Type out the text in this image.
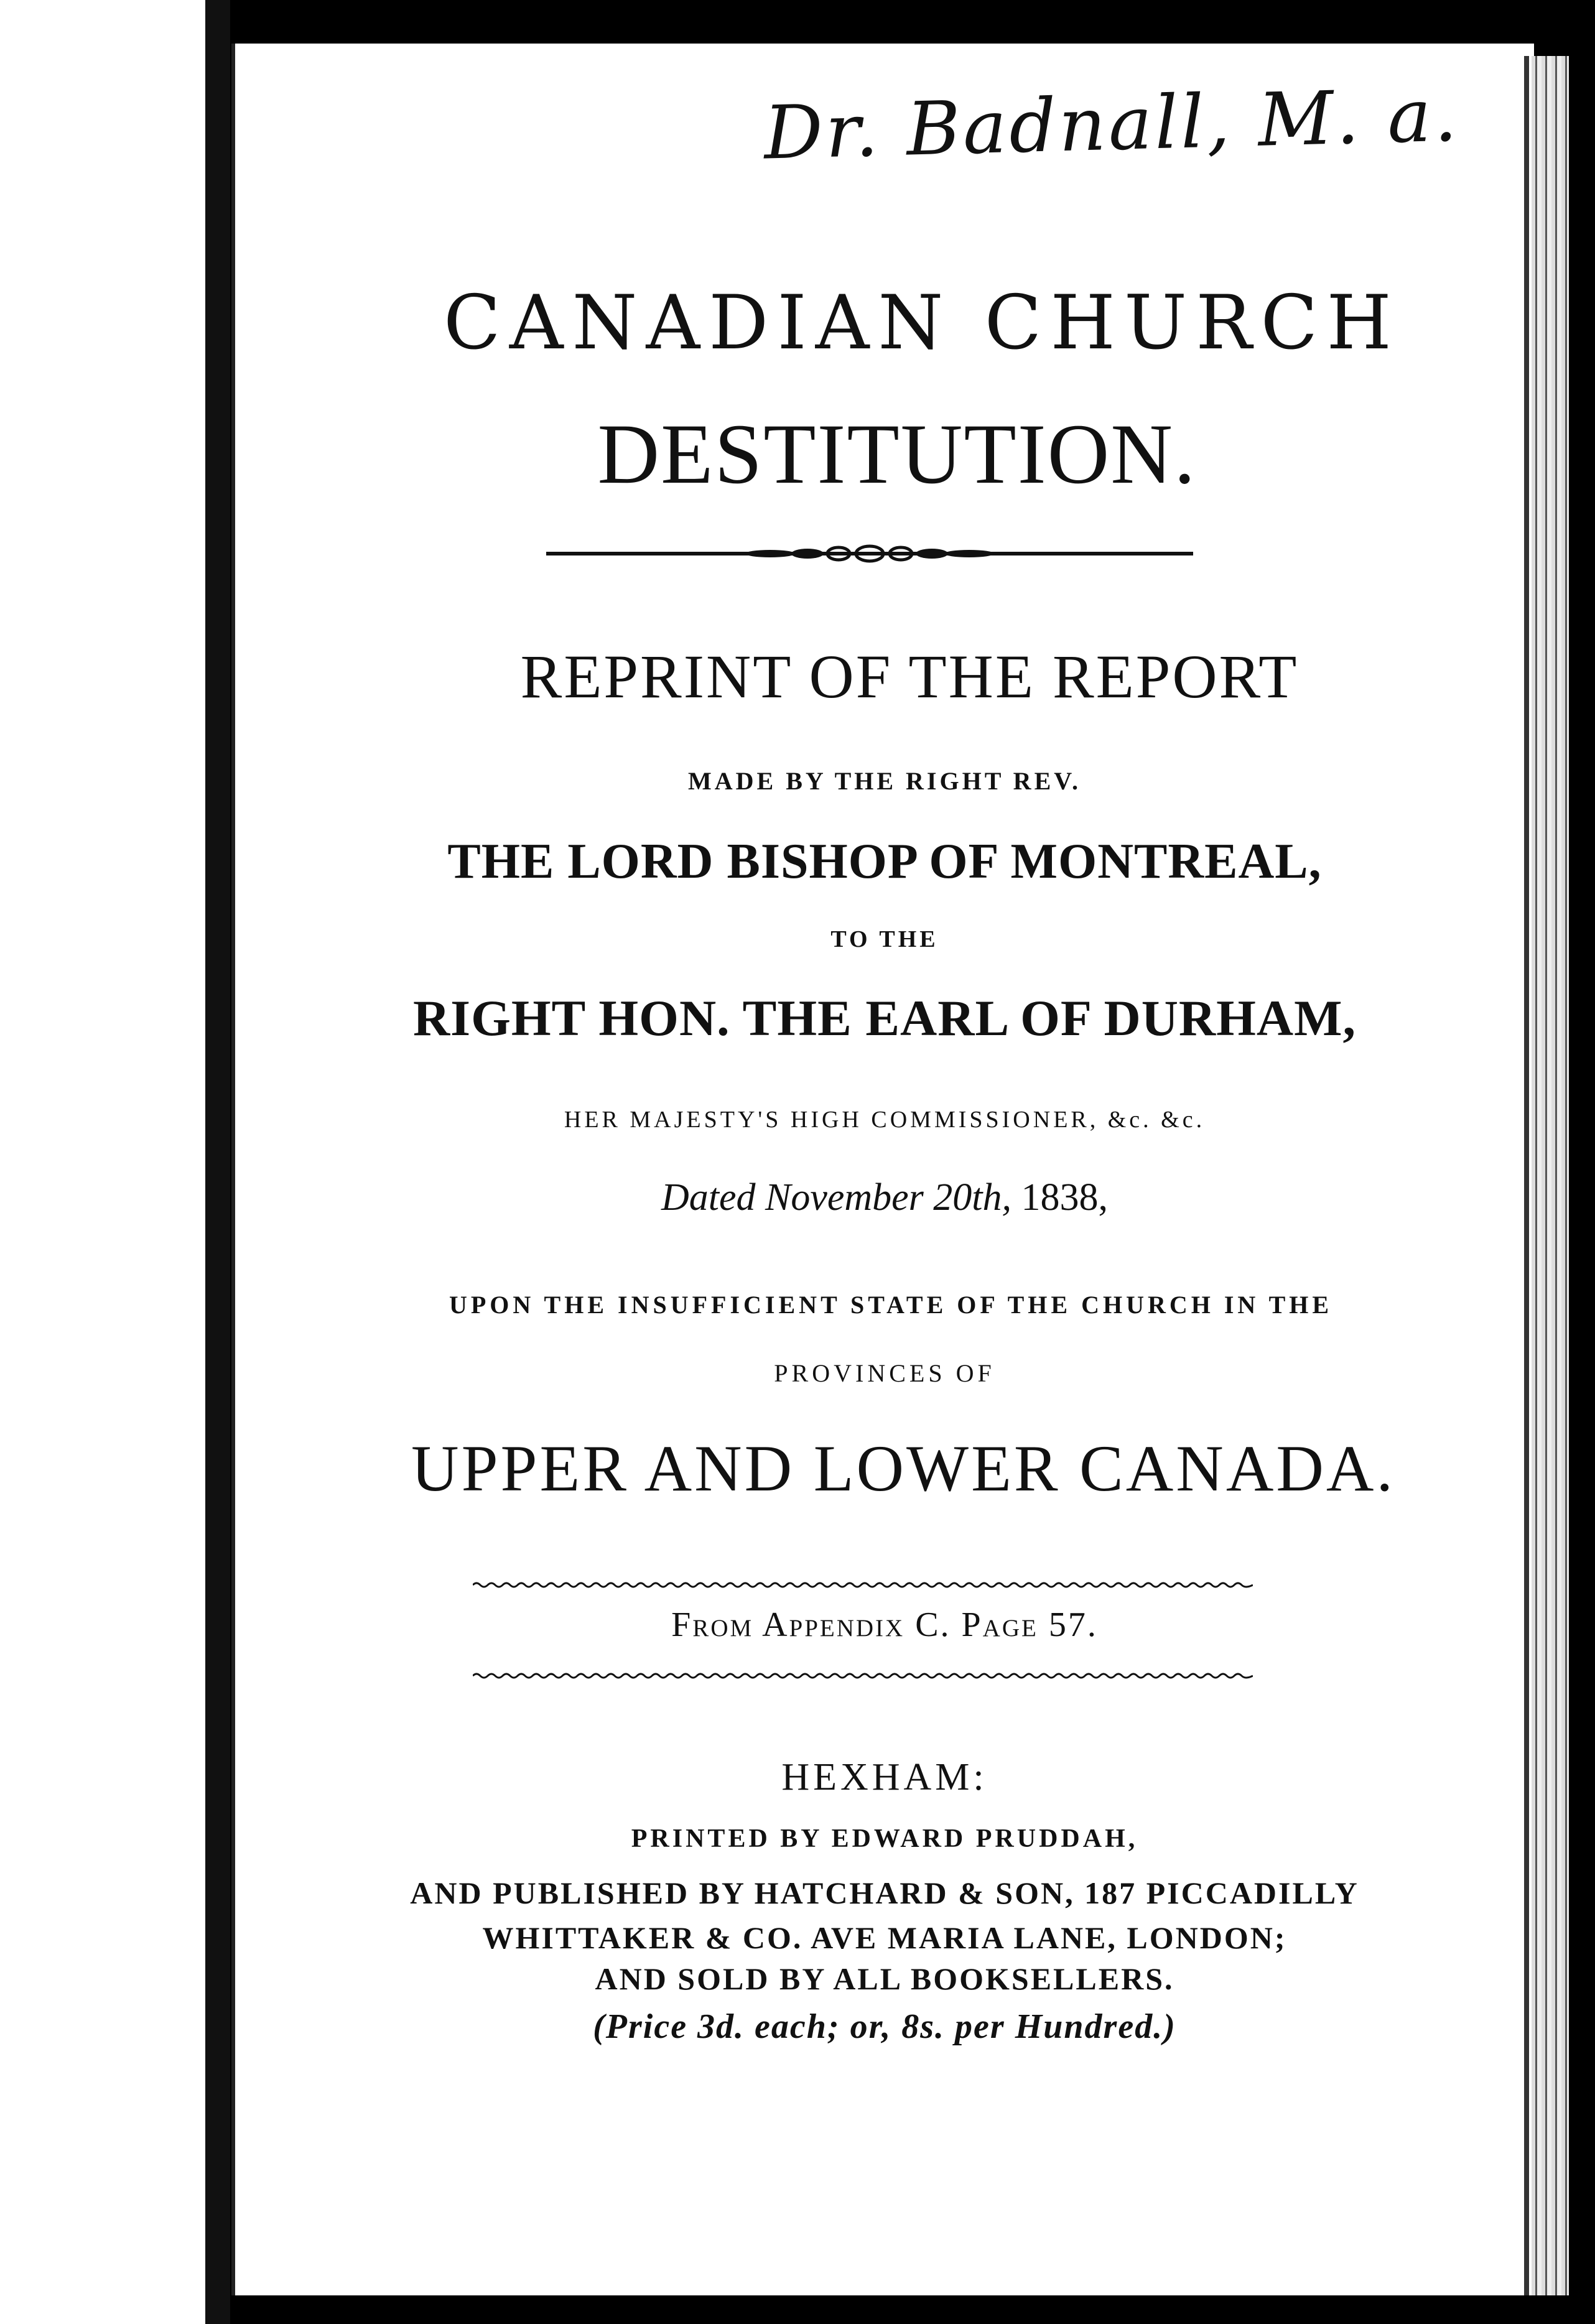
Dr. Badnall, M. a.
CANADIAN CHURCH
DESTITUTION.
REPRINT OF THE REPORT
MADE BY THE RIGHT REV.
THE LORD BISHOP OF MONTREAL,
TO THE
RIGHT HON. THE EARL OF DURHAM,
HER MAJESTY'S HIGH COMMISSIONER, &c. &c.
Dated November 20th, 1838,
UPON THE INSUFFICIENT STATE OF THE CHURCH IN THE
PROVINCES OF
UPPER AND LOWER CANADA.
From Appendix C. Page 57.
HEXHAM:
PRINTED BY EDWARD PRUDDAH,
AND PUBLISHED BY HATCHARD & SON, 187 PICCADILLY
WHITTAKER & CO. AVE MARIA LANE, LONDON;
AND SOLD BY ALL BOOKSELLERS.
(Price 3d. each; or, 8s. per Hundred.)
